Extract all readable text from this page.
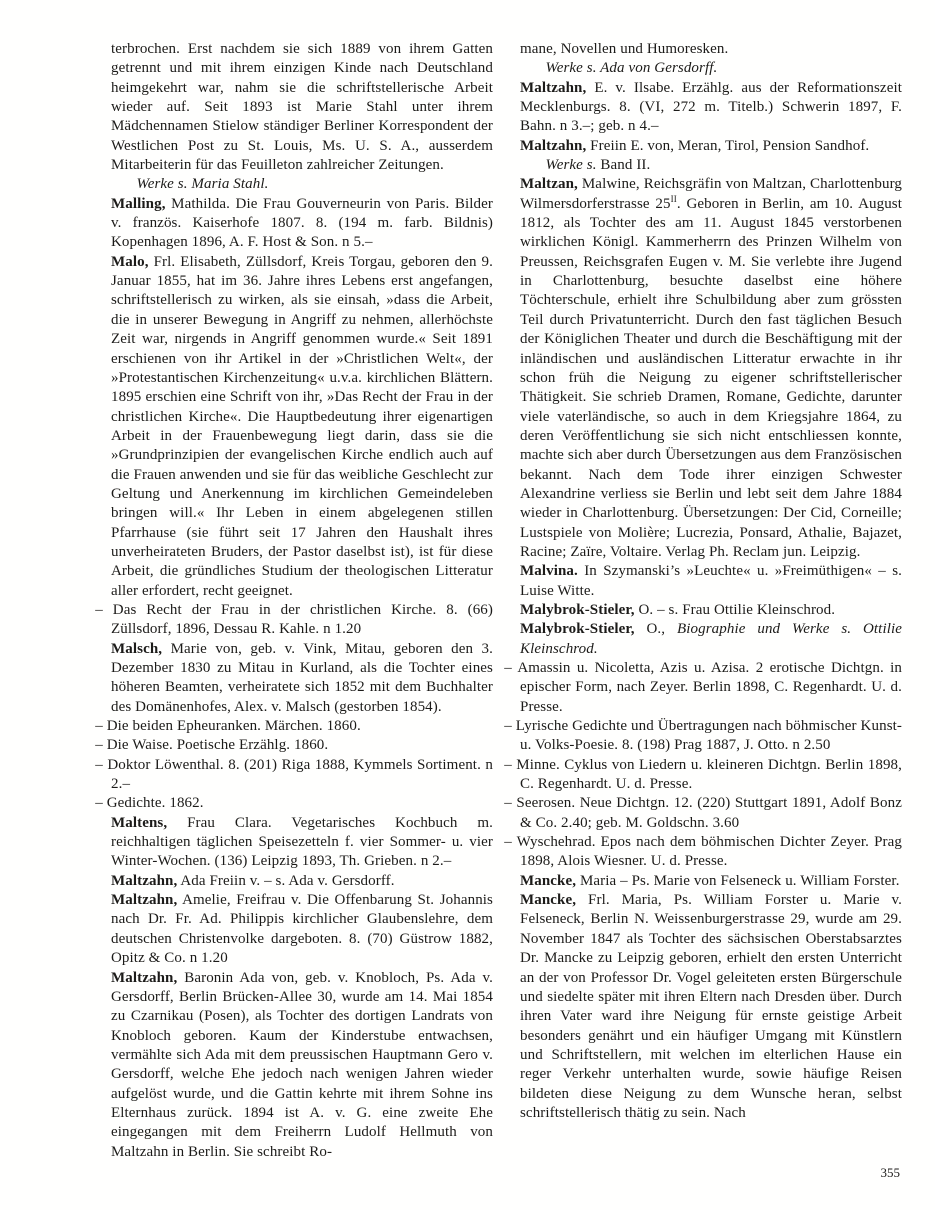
terbrochen. Erst nachdem sie sich 1889 von ihrem Gatten getrennt und mit ihrem einzigen Kinde nach Deutschland heimgekehrt war, nahm sie die schriftstellerische Arbeit wieder auf. Seit 1893 ist Marie Stahl unter ihrem Mädchennamen Stielow ständiger Berliner Korrespondent der Westlichen Post zu St. Louis, Ms. U. S. A., ausserdem Mitarbeiterin für das Feuilleton zahlreicher Zeitungen.

Werke s. Maria Stahl.

Malling, Mathilda. Die Frau Gouverneurin von Paris. Bilder v. französ. Kaiserhofe 1807. 8. (194 m. farb. Bildnis) Kopenhagen 1896, A. F. Host & Son. n 5.–

Malo, Frl. Elisabeth, Züllsdorf, Kreis Torgau, geboren den 9. Januar 1855, hat im 36. Jahre ihres Lebens erst angefangen, schriftstellerisch zu wirken, als sie einsah, »dass die Arbeit, die in unserer Bewegung in Angriff zu nehmen, allerhöchste Zeit war, nirgends in Angriff genommen wurde.« Seit 1891 erschienen von ihr Artikel in der »Christlichen Welt«, der »Protestantischen Kirchenzeitung« u.v.a. kirchlichen Blättern. 1895 erschien eine Schrift von ihr, »Das Recht der Frau in der christlichen Kirche«. Die Hauptbedeutung ihrer eigenartigen Arbeit in der Frauenbewegung liegt darin, dass sie die »Grundprinzipien der evangelischen Kirche endlich auch auf die Frauen anwenden und sie für das weibliche Geschlecht zur Geltung und Anerkennung im kirchlichen Gemeindeleben bringen will.« Ihr Leben in einem abgelegenen stillen Pfarrhause (sie führt seit 17 Jahren den Haushalt ihres unverheirateten Bruders, der Pastor daselbst ist), ist für diese Arbeit, die gründliches Studium der theologischen Litteratur aller erfordert, recht geeignet.

– Das Recht der Frau in der christlichen Kirche. 8. (66) Züllsdorf, 1896, Dessau R. Kahle. n 1.20

Malsch, Marie von, geb. v. Vink, Mitau, geboren den 3. Dezember 1830 zu Mitau in Kurland, als die Tochter eines höheren Beamten, verheiratete sich 1852 mit dem Buchhalter des Domänenhofes, Alex. v. Malsch (gestorben 1854).

– Die beiden Epheuranken. Märchen. 1860.

– Die Waise. Poetische Erzählg. 1860.

– Doktor Löwenthal. 8. (201) Riga 1888, Kymmels Sortiment. n 2.–

– Gedichte. 1862.

Maltens, Frau Clara. Vegetarisches Kochbuch m. reichhaltigen täglichen Speisezetteln f. vier Sommer- u. vier Winter-Wochen. (136) Leipzig 1893, Th. Grieben. n 2.–

Maltzahn, Ada Freiin v. – s. Ada v. Gersdorff.

Maltzahn, Amelie, Freifrau v. Die Offenbarung St. Johannis nach Dr. Fr. Ad. Philippis kirchlicher Glaubenslehre, dem deutschen Christenvolke dargeboten. 8. (70) Güstrow 1882, Opitz & Co. n 1.20

Maltzahn, Baronin Ada von, geb. v. Knobloch, Ps. Ada v. Gersdorff, Berlin Brücken-Allee 30, wurde am 14. Mai 1854 zu Czarnikau (Posen), als Tochter des dortigen Landrats von Knobloch geboren. Kaum der Kinderstube entwachsen, vermählte sich Ada mit dem preussischen Hauptmann Gero v. Gersdorff, welche Ehe jedoch nach wenigen Jahren wieder aufgelöst wurde, und die Gattin kehrte mit ihrem Sohne ins Elternhaus zurück. 1894 ist A. v. G. eine zweite Ehe eingegangen mit dem Freiherrn Ludolf Hellmuth von Maltzahn in Berlin. Sie schreibt Ro-

mane, Novellen und Humoresken.

Werke s. Ada von Gersdorff.

Maltzahn, E. v. Ilsabe. Erzählg. aus der Reformationszeit Mecklenburgs. 8. (VI, 272 m. Titelb.) Schwerin 1897, F. Bahn. n 3.–; geb. n 4.–

Maltzahn, Freiin E. von, Meran, Tirol, Pension Sandhof.

Werke s. Band II.

Maltzan, Malwine, Reichsgräfin von Maltzan, Charlottenburg Wilmersdorferstrasse $25^{II}$. Geboren in Berlin, am 10. August 1812, als Tochter des am 11. August 1845 verstorbenen wirklichen Königl. Kammerherrn des Prinzen Wilhelm von Preussen, Reichsgrafen Eugen v. M. Sie verlebte ihre Jugend in Charlottenburg, besuchte daselbst eine höhere Töchterschule, erhielt ihre Schulbildung aber zum grössten Teil durch Privatunterricht. Durch den fast täglichen Besuch der Königlichen Theater und durch die Beschäftigung mit der inländischen und ausländischen Litteratur erwachte in ihr schon früh die Neigung zu eigener schriftstellerischer Thätigkeit. Sie schrieb Dramen, Romane, Gedichte, darunter viele vaterländische, so auch in dem Kriegsjahre 1864, zu deren Veröffentlichung sie sich nicht entschliessen konnte, machte sich aber durch Übersetzungen aus dem Französischen bekannt. Nach dem Tode ihrer einzigen Schwester Alexandrine verliess sie Berlin und lebt seit dem Jahre 1884 wieder in Charlottenburg. Übersetzungen: Der Cid, Corneille; Lustspiele von Molière; Lucrezia, Ponsard, Athalie, Bajazet, Racine; Zaïre, Voltaire. Verlag Ph. Reclam jun. Leipzig.

Malvina. In Szymanski’s »Leuchte« u. »Freimüthigen« – s. Luise Witte.

Malybrok-Stieler, O. – s. Frau Ottilie Kleinschrod.

Malybrok-Stieler, O., Biographie und Werke s. Ottilie Kleinschrod.

– Amassin u. Nicoletta, Azis u. Azisa. 2 erotische Dichtgn. in epischer Form, nach Zeyer. Berlin 1898, C. Regenhardt. U. d. Presse.

– Lyrische Gedichte und Übertragungen nach böhmischer Kunst- u. Volks-Poesie. 8. (198) Prag 1887, J. Otto. n 2.50

– Minne. Cyklus von Liedern u. kleineren Dichtgn. Berlin 1898, C. Regenhardt. U. d. Presse.

– Seerosen. Neue Dichtgn. 12. (220) Stuttgart 1891, Adolf Bonz & Co. 2.40; geb. M. Goldschn. 3.60

– Wyschehrad. Epos nach dem böhmischen Dichter Zeyer. Prag 1898, Alois Wiesner. U. d. Presse.

Mancke, Maria – Ps. Marie von Felseneck u. William Forster.

Mancke, Frl. Maria, Ps. William Forster u. Marie v. Felseneck, Berlin N. Weissenburgerstrasse 29, wurde am 29. November 1847 als Tochter des sächsischen Oberstabsarztes Dr. Mancke zu Leipzig geboren, erhielt den ersten Unterricht an der von Professor Dr. Vogel geleiteten ersten Bürgerschule und siedelte später mit ihren Eltern nach Dresden über. Durch ihren Vater ward ihre Neigung für ernste geistige Arbeit besonders genährt und ein häufiger Umgang mit Künstlern und Schriftstellern, mit welchen im elterlichen Hause ein reger Verkehr unterhalten wurde, sowie häufige Reisen bildeten diese Neigung zu dem Wunsche heran, selbst schriftstellerisch thätig zu sein. Nach

355
